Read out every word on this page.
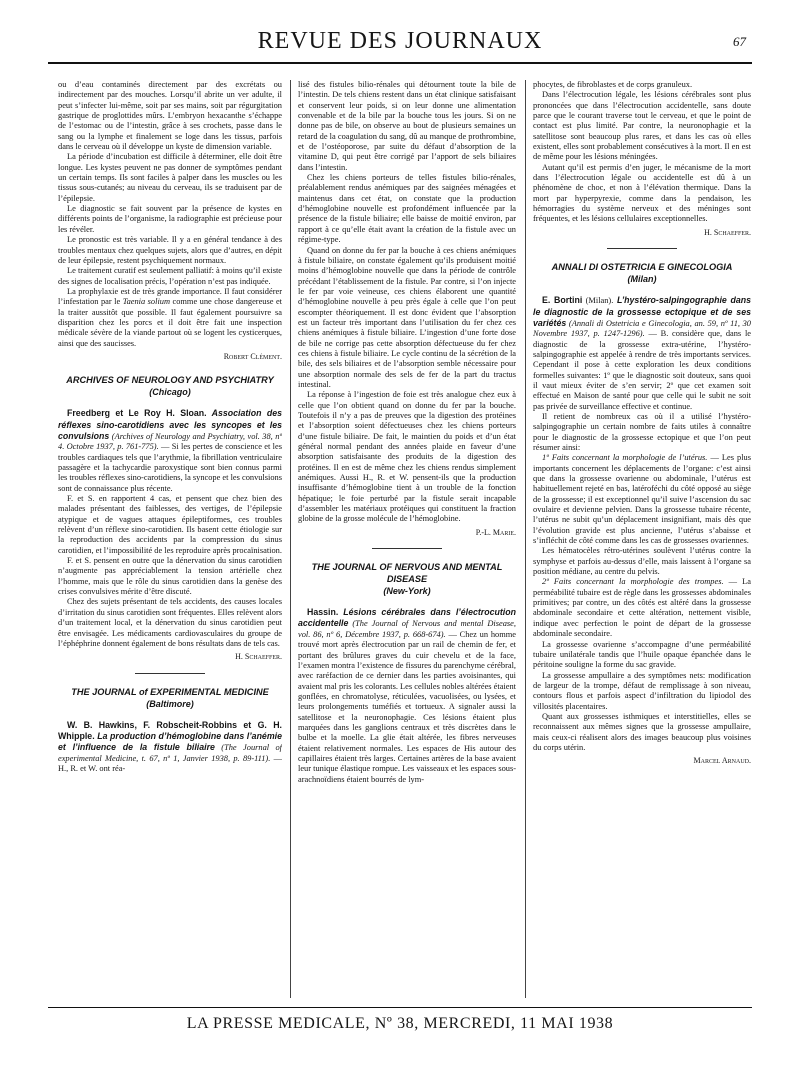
REVUE DES JOURNAUX	67

ou d’eau contaminés directement par des excrétats ou indirectement par des mouches. Lorsqu’il abrite un ver adulte, il peut s’infecter lui-même, soit par ses mains, soit par régurgitation gastrique de proglottides mûrs. L’embryon hexacanthe s’échappe de l’estomac ou de l’intestin, grâce à ses crochets, passe dans le sang ou la lymphe et finalement se loge dans les tissus, parfois dans le cerveau où il développe un kyste de dimension variable.

La période d’incubation est difficile à déterminer, elle doit être longue. Les kystes peuvent ne pas donner de symptômes pendant un certain temps. Ils sont faciles à palper dans les muscles ou les tissus sous-cutanés; au niveau du cerveau, ils se traduisent par de l’épilepsie.

Le diagnostic se fait souvent par la présence de kystes en différents points de l’organisme, la radiographie est précieuse pour les révéler.

Le pronostic est très variable. Il y a en général tendance à des troubles mentaux chez quelques sujets, alors que d’autres, en dépit de leur épilepsie, restent psychiquement normaux.

Le traitement curatif est seulement palliatif: à moins qu’il existe des signes de localisation précis, l’opération n’est pas indiquée.

La prophylaxie est de très grande importance. Il faut considérer l’infestation par le Taenia solium comme une chose dangereuse et la traiter aussitôt que possible. Il faut également poursuivre sa disparition chez les porcs et il doit être fait une inspection médicale sévère de la viande partout où se logent les cysticerques, ainsi que des saucisses.

Robert Clément.
ARCHIVES OF NEUROLOGY AND PSYCHIATRY
(Chicago)

Freedberg et Le Roy H. Sloan. Association des réflexes sino-carotidiens avec les syncopes et les convulsions (Archives of Neurology and Psychiatry, vol. 38, nº 4. Octobre 1937, p. 761-775). — Si les pertes de conscience et les troubles cardiaques tels que l’arythmie, la fibrillation ventriculaire passagère et la tachycardie paroxystique sont bien connus parmi les troubles réflexes sino-carotidiens, la syncope et les convulsions sont de connaissance plus récente.

F. et S. en rapportent 4 cas, et pensent que chez bien des malades présentant des faiblesses, des vertiges, de l’épilepsie atypique et de vagues attaques épileptiformes, ces troubles relèvent d’un réflexe sino-carotidien. Ils basent cette étiologie sur la reproduction des accidents par la compression du sinus carotidien, et l’impossibilité de les reproduire après procaïnisation.

F. et S. pensent en outre que la dénervation du sinus carotidien n’augmente pas appréciablement la tension artérielle chez l’homme, mais que le rôle du sinus carotidien dans la genèse des crises convulsives mérite d’être discuté.

Chez des sujets présentant de tels accidents, des causes locales d’irritation du sinus carotidien sont fréquentes. Elles relèvent alors d’un traitement local, et la dénervation du sinus carotidien peut être envisagée. Les médicaments cardiovasculaires du groupe de l’éphéphrine donnent également de bons résultats dans de tels cas.

H. Schaeffer.
THE JOURNAL of EXPERIMENTAL MEDICINE
(Baltimore)

W. B. Hawkins, F. Robscheit-Robbins et G. H. Whipple. La production d’hémoglobine dans l’anémie et l’influence de la fistule biliaire (The Journal of experimental Medicine, t. 67, nº 1, Janvier 1938, p. 89-111). — H., R. et W. ont réa-

lisé des fistules bilio-rénales qui détournent toute la bile de l’intestin. De tels chiens restent dans un état clinique satisfaisant et conservent leur poids, si on leur donne une alimentation convenable et de la bile par la bouche tous les jours. Si on ne donne pas de bile, on observe au bout de plusieurs semaines un retard de la coagulation du sang, dû au manque de prothrombine, et de l’ostéoporose, par suite du défaut d’absorption de la vitamine D, qui peut être corrigé par l’apport de sels biliaires dans l’intestin.

Chez les chiens porteurs de telles fistules bilio-rénales, préalablement rendus anémiques par des saignées ménagées et maintenus dans cet état, on constate que la production d’hémoglobine nouvelle est profondément influencée par la présence de la fistule biliaire; elle baisse de moitié environ, par rapport à ce qu’elle était avant la création de la fistule avec un régime-type.

Quand on donne du fer par la bouche à ces chiens anémiques à fistule biliaire, on constate également qu’ils produisent moitié moins d’hémoglobine nouvelle que dans la période de contrôle précédant l’établissement de la fistule. Par contre, si l’on injecte le fer par voie veineuse, ces chiens élaborent une quantité d’hémoglobine nouvelle à peu près égale à celle que l’on peut escompter théoriquement. Il est donc évident que l’absorption est un facteur très important dans l’utilisation du fer chez ces chiens anémiques à fistule biliaire. L’ingestion d’une forte dose de bile ne corrige pas cette absorption défectueuse du fer chez ces chiens à fistule biliaire. Le cycle continu de la sécrétion de la bile, des sels biliaires et de l’absorption semble nécessaire pour une absorption normale des sels de fer de la part du tractus intestinal.

La réponse à l’ingestion de foie est très analogue chez eux à celle que l’on obtient quand on donne du fer par la bouche. Toutefois il n’y a pas de preuves que la digestion des protéines et l’absorption soient défectueuses chez les chiens porteurs d’une fistule biliaire. De fait, le maintien du poids et d’un état général normal pendant des années plaide en faveur d’une absorption satisfaisante des produits de la digestion des protéines. Il en est de même chez les chiens rendus simplement anémiques. Aussi H., R. et W. pensent-ils que la production insuffisante d’hémoglobine tient à un trouble de la fonction hépatique; le foie perturbé par la fistule serait incapable d’assembler les matériaux protéiques qui constituent la fraction globine de la grosse molécule de l’hémoglobine.

P.-L. Marie.
THE JOURNAL OF NERVOUS AND MENTAL DISEASE
(New-York)

Hassin. Lésions cérébrales dans l’électrocution accidentelle (The Journal of Nervous and mental Disease, vol. 86, nº 6, Décembre 1937, p. 668-674). — Chez un homme trouvé mort après électrocution par un rail de chemin de fer, et portant des brûlures graves du cuir chevelu et de la face, l’examen montra l’existence de fissures du parenchyme cérébral, avec raréfaction de ce dernier dans les parties avoisinantes, qui avaient mal pris les colorants. Les cellules nobles altérées étaient gonflées, en chromatolyse, réticulées, vacuolisées, ou lysées, et leurs prolongements tuméfiés et tortueux. A signaler aussi la satellitose et la neuronophagie. Ces lésions étaient plus marquées dans les ganglions centraux et très discrètes dans le bulbe et la moelle. La glie était altérée, les fibres nerveuses étaient relativement normales. Les espaces de His autour des capillaires étaient très larges. Certaines artères de la base avaient leur tunique élastique rompue. Les vaisseaux et les espaces sous-arachnoïdiens étaient bourrés de lym-

phocytes, de fibroblastes et de corps granuleux.

Dans l’électrocution légale, les lésions cérébrales sont plus prononcées que dans l’électrocution accidentelle, sans doute parce que le courant traverse tout le cerveau, et que le point de contact est plus limité. Par contre, la neuronophagie et la satellitose sont beaucoup plus rares, et dans les cas où elles existent, elles sont probablement consécutives à la mort. Il en est de même pour les lésions méningées.

Autant qu’il est permis d’en juger, le mécanisme de la mort dans l’électrocution légale ou accidentelle est dû à un phénomène de choc, et non à l’élévation thermique. Dans la mort par hyperpyrexie, comme dans la pendaison, les hémorragies du système nerveux et des méninges sont fréquentes, et les lésions cellulaires exceptionnelles.

H. Schaeffer.
ANNALI DI OSTETRICIA E GINECOLOGIA
(Milan)

E. Bortini (Milan). L’hystéro-salpingographie dans le diagnostic de la grossesse ectopique et de ses variétés (Annali di Ostetricia e Ginecologia, an. 59, nº 11, 30 Novembre 1937, p. 1247-1296). — B. considère que, dans le diagnostic de la grossesse extra-utérine, l’hystéro-salpingographie est appelée à rendre de très importants services. Cependant il pose à cette exploration les deux conditions formelles suivantes: 1º que le diagnostic soit douteux, sans quoi il vaut mieux éviter de s’en servir; 2º que cet examen soit effectué en Maison de santé pour que celle qui le subit ne soit pas privée de surveillance effective et continue.

Il retient de nombreux cas où il a utilisé l’hystéro-salpingographie un certain nombre de faits utiles à connaître pour le diagnostic de la grossesse ectopique et que l’on peut résumer ainsi:

1º Faits concernant la morphologie de l’utérus. — Les plus importants concernent les déplacements de l’organe: c’est ainsi que dans la grossesse ovarienne ou abdominale, l’utérus est habituellement rejeté en bas, latéroféchi du côté opposé au siège de la grossesse; il est exceptionnel qu’il suive l’ascension du sac ovulaire et devienne pelvien. Dans la grossesse tubaire récente, l’utérus ne subit qu’un déplacement insignifiant, mais dès que l’évolution gravide est plus ancienne, l’utérus s’abaisse et s’infléchit de côté comme dans les cas de grossesses ovariennes.

Les hématocèles rétro-utérines soulèvent l’utérus contre la symphyse et parfois au-dessus d’elle, mais laissent à l’organe sa position médiane, au centre du pelvis.

2º Faits concernant la morphologie des trompes. — La perméabilité tubaire est de règle dans les grossesses abdominales primitives; par contre, un des côtés est altéré dans la grossesse abdominale secondaire et cette altération, nettement visible, indique avec perfection le point de départ de la grossesse abdominale secondaire.

La grossesse ovarienne s’accompagne d’une perméabilité tubaire unilatérale tandis que l’huile opaque épanchée dans le péritoine souligne la forme du sac gravide.

La grossesse ampullaire a des symptômes nets: modification de largeur de la trompe, défaut de remplissage à son niveau, contours flous et parfois aspect d’infiltration du lipiodol des villosités placentaires.

Quant aux grossesses isthmiques et interstitielles, elles se reconnaissent aux mêmes signes que la grossesse ampullaire, mais ceux-ci réalisent alors des images beaucoup plus voisines du corps utérin.

Marcel Arnaud.
LA PRESSE MEDICALE, Nº 38, MERCREDI, 11 MAI 1938
